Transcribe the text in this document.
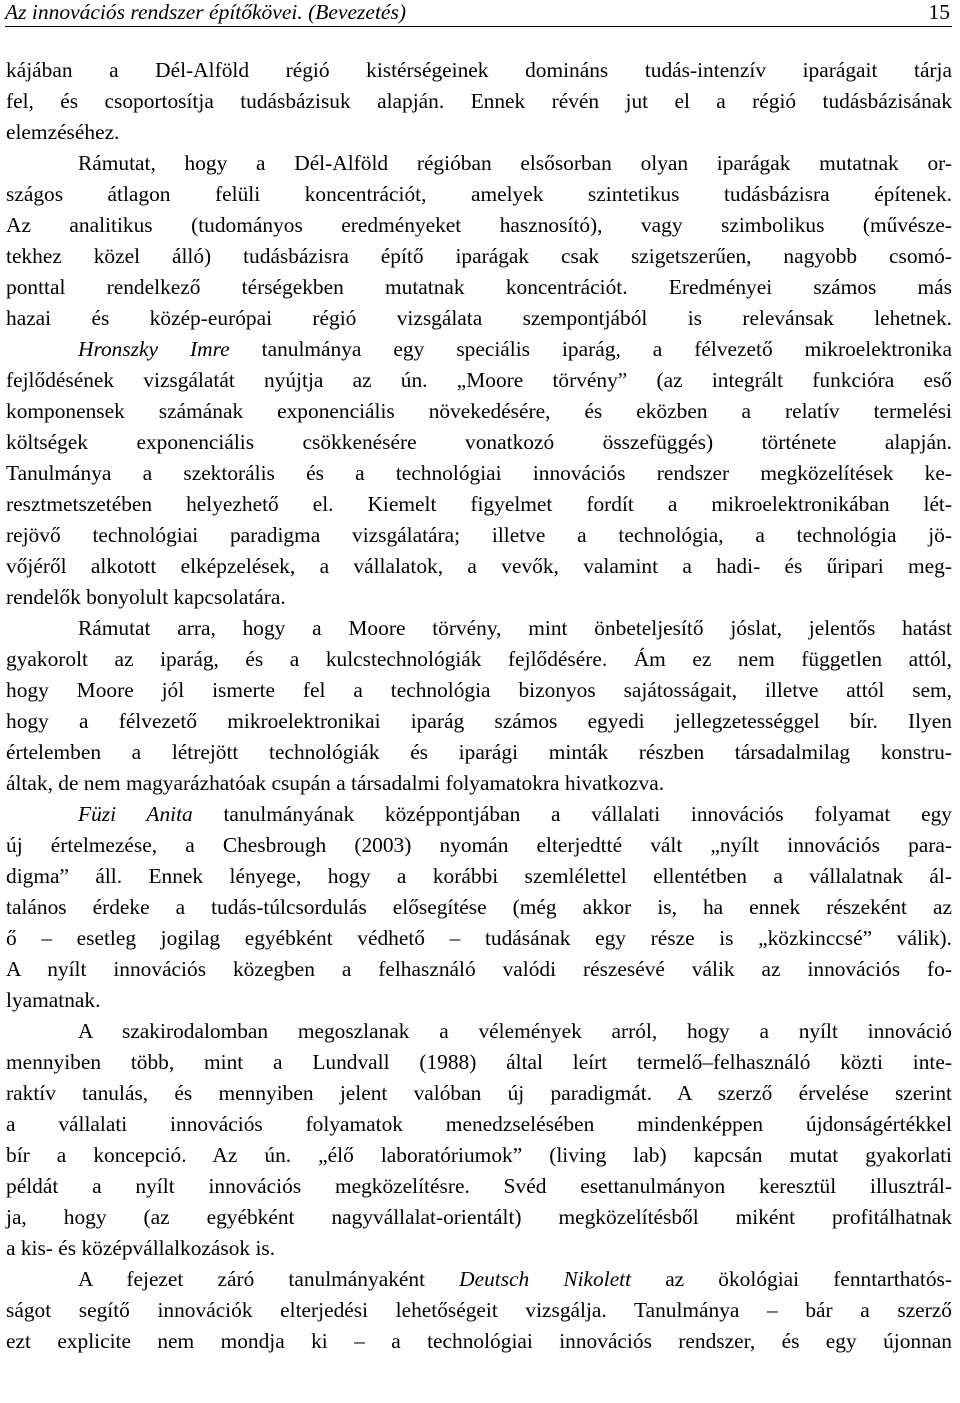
Az innovációs rendszer építőkövei. (Bevezetés)	15
kájában a Dél-Alföld régió kistérségeinek domináns tudás-intenzív iparágait tárja
fel, és csoportosítja tudásbázisuk alapján. Ennek révén jut el a régió tudásbázisának
elemzéséhez.
Rámutat, hogy a Dél-Alföld régióban elsősorban olyan iparágak mutatnak or-
szágos átlagon felüli koncentrációt, amelyek szintetikus tudásbázisra építenek.
Az analitikus (tudományos eredményeket hasznosító), vagy szimbolikus (művésze-
tekhez közel álló) tudásbázisra építő iparágak csak szigetszerűen, nagyobb csomó-
ponttal rendelkező térségekben mutatnak koncentrációt. Eredményei számos más
hazai és közép-európai régió vizsgálata szempontjából is relevánsak lehetnek.
Hronszky Imre tanulmánya egy speciális iparág, a félvezető mikroelektronika
fejlődésének vizsgálatát nyújtja az ún. „Moore törvény” (az integrált funkcióra eső
komponensek számának exponenciális növekedésére, és eközben a relatív termelési
költségek exponenciális csökkenésére vonatkozó összefüggés) története alapján.
Tanulmánya a szektorális és a technológiai innovációs rendszer megközelítések ke-
resztmetszetében helyezhető el. Kiemelt figyelmet fordít a mikroelektronikában lét-
rejövő technológiai paradigma vizsgálatára; illetve a technológia, a technológia jö-
vőjéről alkotott elképzelések, a vállalatok, a vevők, valamint a hadi- és űripari meg-
rendelők bonyolult kapcsolatára.
Rámutat arra, hogy a Moore törvény, mint önbeteljesítő jóslat, jelentős hatást
gyakorolt az iparág, és a kulcstechnológiák fejlődésére. Ám ez nem független attól,
hogy Moore jól ismerte fel a technológia bizonyos sajátosságait, illetve attól sem,
hogy a félvezető mikroelektronikai iparág számos egyedi jellegzetességgel bír. Ilyen
értelemben a létrejött technológiák és iparági minták részben társadalmilag konstru-
áltak, de nem magyarázhatóak csupán a társadalmi folyamatokra hivatkozva.
Füzi Anita tanulmányának középpontjában a vállalati innovációs folyamat egy
új értelmezése, a Chesbrough (2003) nyomán elterjedtté vált „nyílt innovációs para-
digma” áll. Ennek lényege, hogy a korábbi szemlélettel ellentétben a vállalatnak ál-
talános érdeke a tudás-túlcsordulás elősegítése (még akkor is, ha ennek részeként az
ő – esetleg jogilag egyébként védhető – tudásának egy része is „közkinccsé” válik).
A nyílt innovációs közegben a felhasználó valódi részesévé válik az innovációs fo-
lyamatnak.
A szakirodalomban megoszlanak a vélemények arról, hogy a nyílt innováció
mennyiben több, mint a Lundvall (1988) által leírt termelő–felhasználó közti inte-
raktív tanulás, és mennyiben jelent valóban új paradigmát. A szerző érvelése szerint
a vállalati innovációs folyamatok menedzselésében mindenképpen újdonságértékkel
bír a koncepció. Az ún. „élő laboratóriumok” (living lab) kapcsán mutat gyakorlati
példát a nyílt innovációs megközelítésre. Svéd esettanulmányon keresztül illusztrál-
ja, hogy (az egyébként nagyvállalat-orientált) megközelítésből miként profitálhatnak
a kis- és középvállalkozások is.
A fejezet záró tanulmányaként Deutsch Nikolett az ökológiai fenntarthatós-
ságot segítő innovációk elterjedési lehetőségeit vizsgálja. Tanulmánya – bár a szerző
ezt explicite nem mondja ki – a technológiai innovációs rendszer, és egy újonnan
